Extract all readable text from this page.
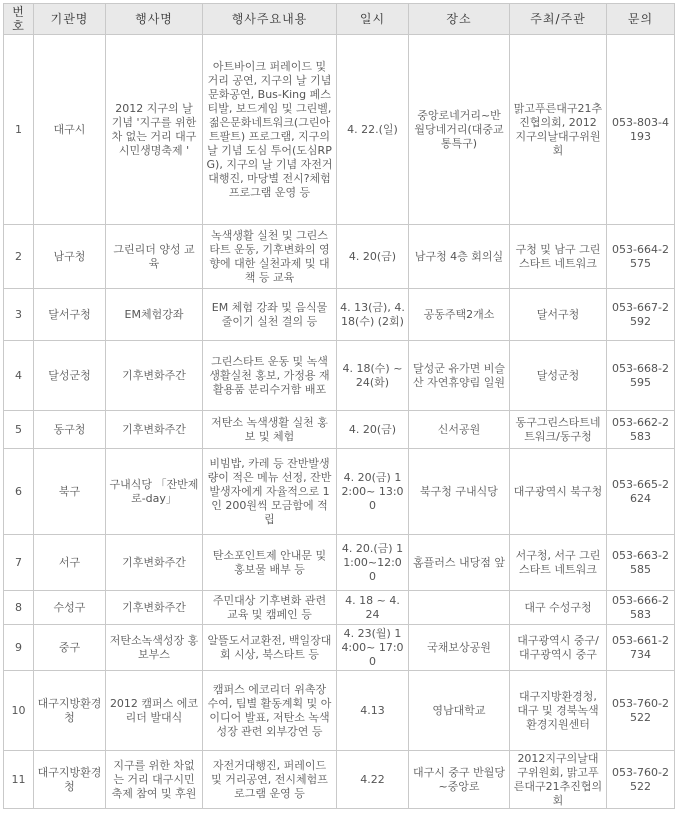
번호	기관명	행사명	행사주요내용	일시	장소	주최/주관	문의
1	대구시	2012 지구의 날 기념 '지구를 위한 차 없는 거리 대구시민생명축제 '	아트바이크 퍼레이드 및 거리 공연, 지구의 날 기념 문화공연, Bus-King 페스티발, 보드게임 및 그린벨, 젊은문화네트워크(그린아트팔트) 프로그램, 지구의 날 기념 도심 투어(도심RPG), 지구의 날 기념 자전거 대행진, 마당별 전시?체험 프로그램 운영 등	4. 22.(일)	중앙로네거리~반월당네거리(대중교통특구)	맑고푸른대구21추진협의회, 2012 지구의날대구위원회	053-803-4193
2	남구청	그린리더 양성 교육	녹색생활 실천 및 그린스타트 운동, 기후변화의 영향에 대한 실천과제 및 대책 등 교육	4. 20(금)	남구청 4층 회의실	구청 및 남구 그린스타트 네트워크	053-664-2575
3	달서구청	EM체험강좌	EM 체험 강좌 및 음식물 줄이기 실천 결의 등	4. 13(금), 4. 18(수) (2회)	공동주택2개소	달서구청	053-667-2592
4	달성군청	기후변화주간	그린스타트 운동 및 녹색생활실천 홍보, 가정용 재활용품 분리수거함 배포	4. 18(수) ~24(화)	달성군 유가면 비슬산 자연휴양림 일원	달성군청	053-668-2595
5	동구청	기후변화주간	저탄소 녹색생활 실천 홍보 및 체험	4. 20(금)	신서공원	동구그린스타트네트워크/동구청	053-662-2583
6	북구	구내식당 「잔반제로-day」	비빔밥, 카레 등 잔반발생량이 적은 메뉴 선정, 잔반 발생자에게 자율적으로 1인 200원씩 모금함에 적립	4. 20(금) 12:00~ 13:00	북구청 구내식당	대구광역시 북구청	053-665-2624
7	서구	기후변화주간	탄소포인트제 안내문 및 홍보물 배부 등	4. 20.(금) 11:00~12:00	홈플러스 내당점 앞	서구청, 서구 그린스타트 네트워크	053-663-2585
8	수성구	기후변화주간	주민대상 기후변화 관련 교육 및 캠페인 등	4. 18 ~ 4. 24		대구 수성구청	053-666-2583
9	중구	저탄소녹색성장 홍보부스	알뜰도서교환전, 백일장대회 시상, 북스타트 등	4. 23(월) 14:00~ 17:00	국채보상공원	대구광역시 중구/대구광역시 중구	053-661-2734
10	대구지방환경청	2012 캠퍼스 에코리더 발대식	캠퍼스 에코리더 위촉장 수여, 팀별 활동계획 및 아이디어 발표, 저탄소 녹색성장 관련 외부강연 등	4.13	영남대학교	대구지방환경청, 대구 및 경북녹색환경지원센터	053-760-2522
11	대구지방환경청	지구를 위한 차없는 거리 대구시민축제 참여 및 후원	자전거대행진, 퍼레이드 및 거리공연, 전시체험프로그램 운영 등	4.22	대구시 중구 반월당~중앙로	2012지구의날대구위원회, 맑고푸른대구21추진협의회	053-760-2522
